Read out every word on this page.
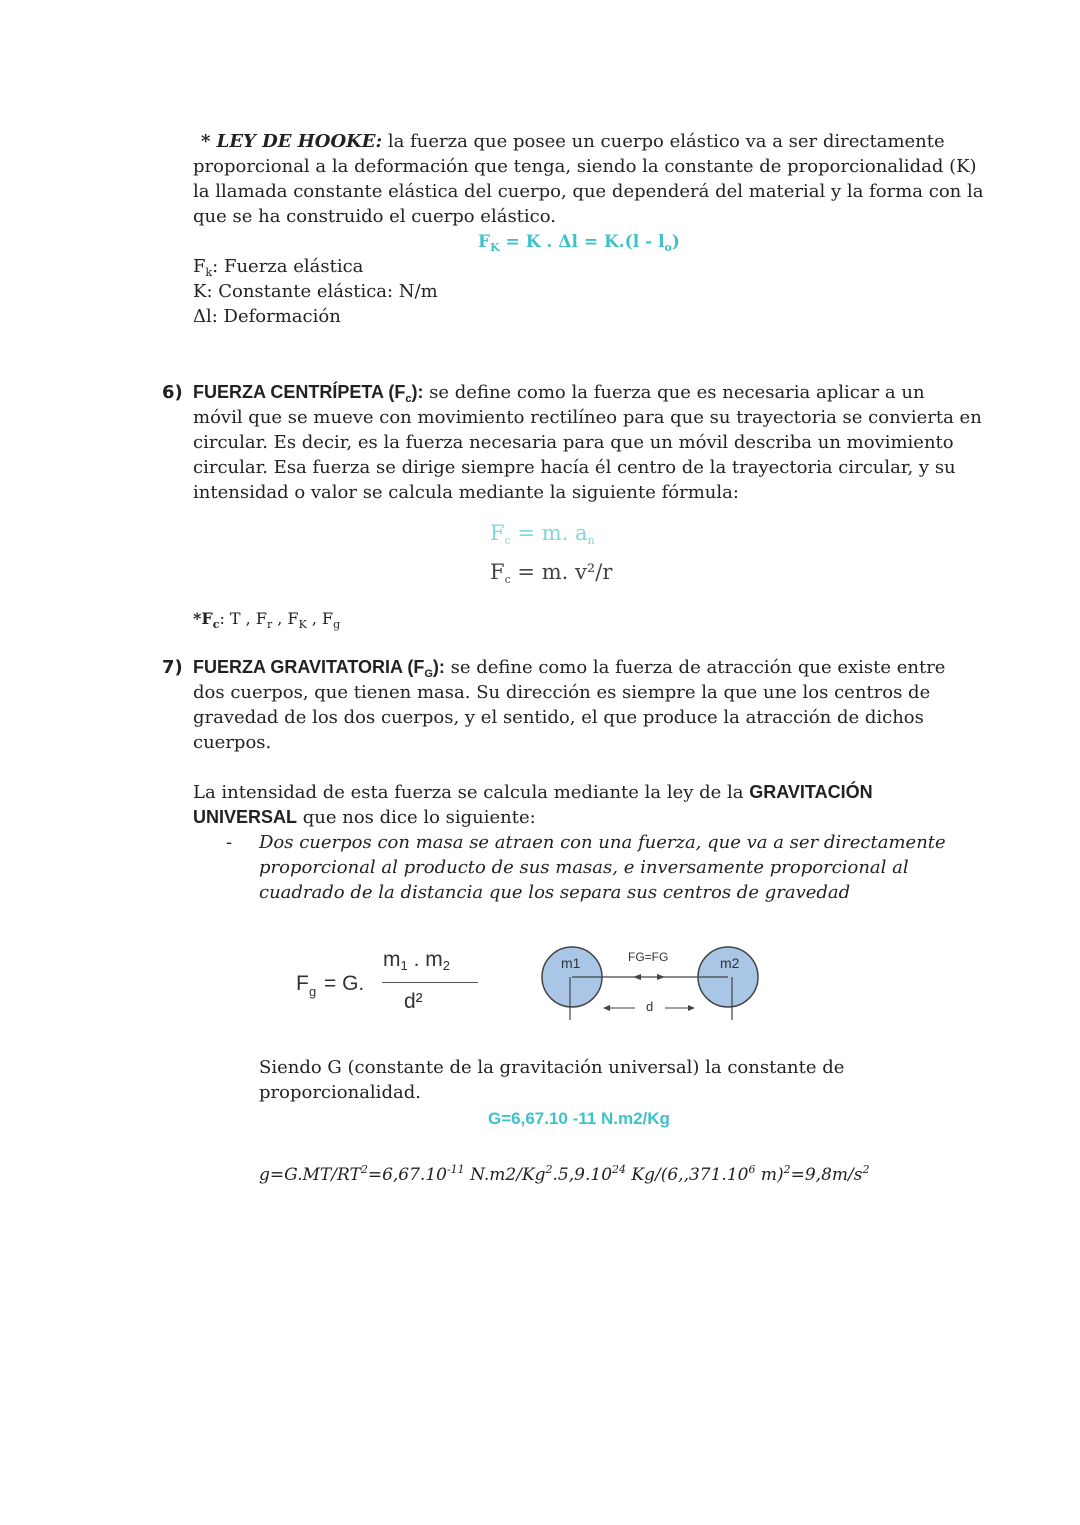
* LEY DE HOOKE: la fuerza que posee un cuerpo elástico va a ser directamente
proporcional a la deformación que tenga, siendo la constante de proporcionalidad (K)
la llamada constante elástica del cuerpo, que dependerá del material y la forma con la
que se ha construido el cuerpo elástico.
$F_K = K$ . $\Delta l = K.(l - l_o)$
$F_k$: Fuerza elástica
K: Constante elástica: N/m
Δl: Deformación
6) FUERZA CENTRÍPETA $(F_c)$: se define como la fuerza que es necesaria aplicar a un
móvil que se mueve con movimiento rectilíneo para que su trayectoria se convierta en
circular. Es decir, es la fuerza necesaria para que un móvil describa un movimiento
circular. Esa fuerza se dirige siempre hacía él centro de la trayectoria circular, y su
intensidad o valor se calcula mediante la siguiente fórmula:
$F_c = m$. $a_n$
$F_c = m$. v²/r
$*F_c$: T , $F_r$ , $F_K$ , $F_g$
7) FUERZA GRAVITATORIA $(F_G)$: se define como la fuerza de atracción que existe entre
dos cuerpos, que tienen masa. Su dirección es siempre la que une los centros de
gravedad de los dos cuerpos, y el sentido, el que produce la atracción de dichos
cuerpos.
La intensidad de esta fuerza se calcula mediante la ley de la GRAVITACIÓN
UNIVERSAL que nos dice lo siguiente:
- Dos cuerpos con masa se atraen con una fuerza, que va a ser directamente
proporcional al producto de sus masas, e inversamente proporcional al
cuadrado de la distancia que los separa sus centros de gravedad
F g = G.
$m_1$ . $m_2$
d²
m1	m2
FG=FG
d
Siendo G (constante de la gravitación universal) la constante de
proporcionalidad.
G=6,67.10 -11 N.m2/Kg
$g=G.MT/RT^2=6,67.10^{-11}$ N.m2/Kg$^2$.5,9.10$^{24}$ Kg/(6,,371.10$^6$ $m)^2=9,8m/s^2$
